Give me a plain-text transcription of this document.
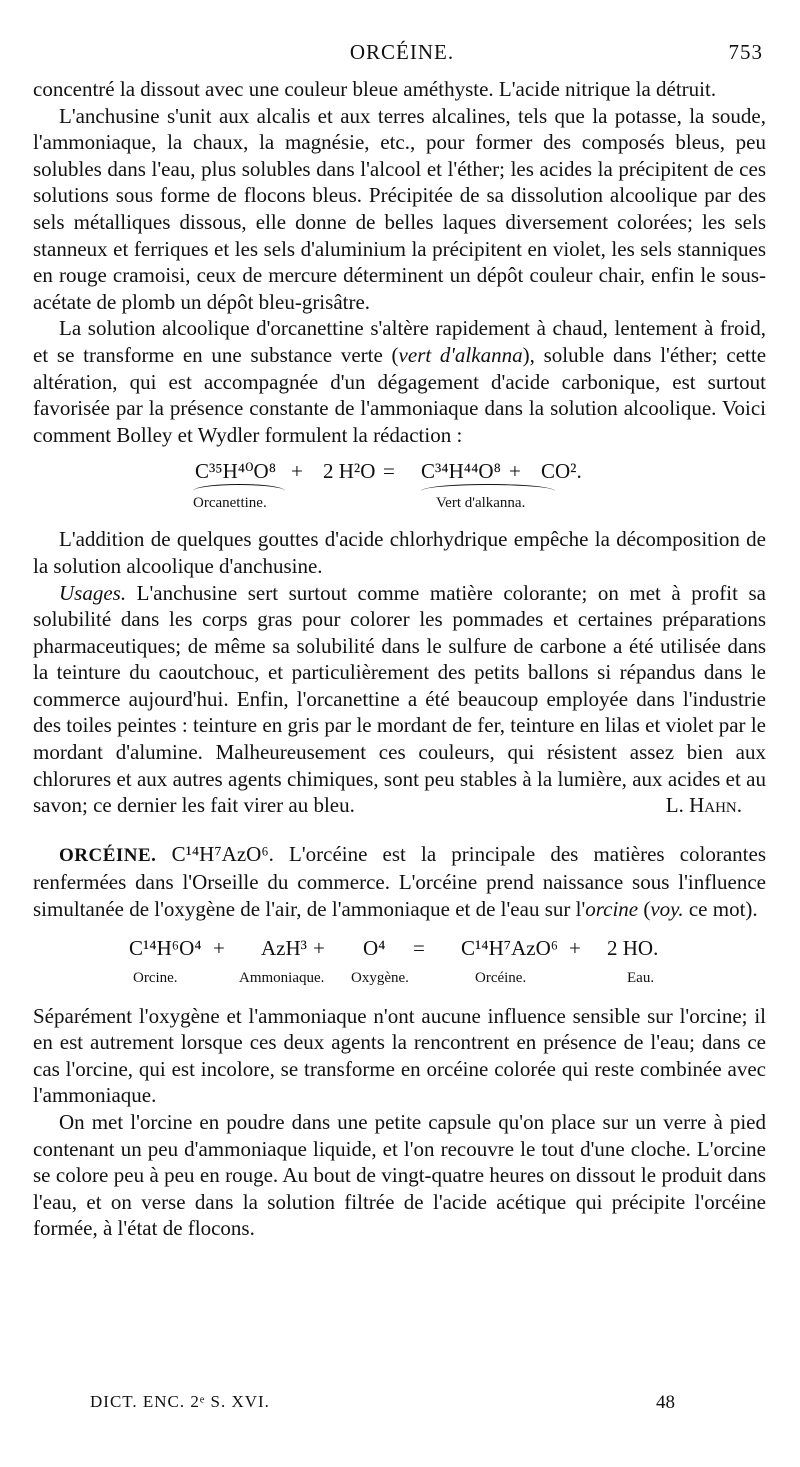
ORCÉINE.	753

concentré la dissout avec une couleur bleue améthyste. L'acide nitrique la détruit.

L'anchusine s'unit aux alcalis et aux terres alcalines, tels que la potasse, la soude, l'ammoniaque, la chaux, la magnésie, etc., pour former des composés bleus, peu solubles dans l'eau, plus solubles dans l'alcool et l'éther; les acides la précipitent de ces solutions sous forme de flocons bleus. Précipitée de sa dissolution alcoolique par des sels métalliques dissous, elle donne de belles laques diversement colorées; les sels stanneux et ferriques et les sels d'aluminium la précipitent en violet, les sels stanniques en rouge cramoisi, ceux de mercure déterminent un dépôt couleur chair, enfin le sous-acétate de plomb un dépôt bleu-grisâtre.

La solution alcoolique d'orcanettine s'altère rapidement à chaud, lentement à froid, et se transforme en une substance verte (vert d'alkanna), soluble dans l'éther; cette altération, qui est accompagnée d'un dégagement d'acide carbonique, est surtout favorisée par la présence constante de l'ammoniaque dans la solution alcoolique. Voici comment Bolley et Wydler formulent la rédaction :

C³⁵H⁴⁰O⁸ + 2 H²O = C³⁴H⁴⁴O⁸ + CO².
Orcanettine.	Vert d'alkanna.

L'addition de quelques gouttes d'acide chlorhydrique empêche la décomposition de la solution alcoolique d'anchusine.

Usages. L'anchusine sert surtout comme matière colorante; on met à profit sa solubilité dans les corps gras pour colorer les pommades et certaines préparations pharmaceutiques; de même sa solubilité dans le sulfure de carbone a été utilisée dans la teinture du caoutchouc, et particulièrement des petits ballons si répandus dans le commerce aujourd'hui. Enfin, l'orcanettine a été beaucoup employée dans l'industrie des toiles peintes : teinture en gris par le mordant de fer, teinture en lilas et violet par le mordant d'alumine. Malheureusement ces couleurs, qui résistent assez bien aux chlorures et aux autres agents chimiques, sont peu stables à la lumière, aux acides et au savon; ce dernier les fait virer au bleu.	L. Hahn.

ORCÉINE. C¹⁴H⁷AzO⁶. L'orcéine est la principale des matières colorantes renfermées dans l'Orseille du commerce. L'orcéine prend naissance sous l'influence simultanée de l'oxygène de l'air, de l'ammoniaque et de l'eau sur l'orcine (voy. ce mot).

C¹⁴H⁶O⁴ + AzH³ + O⁴ = C¹⁴H⁷AzO⁶ + 2 HO.
Orcine.	Ammoniaque. Oxygène.	Orcéine.	Eau.

Séparément l'oxygène et l'ammoniaque n'ont aucune influence sensible sur l'orcine; il en est autrement lorsque ces deux agents la rencontrent en présence de l'eau; dans ce cas l'orcine, qui est incolore, se transforme en orcéine colorée qui reste combinée avec l'ammoniaque.

On met l'orcine en poudre dans une petite capsule qu'on place sur un verre à pied contenant un peu d'ammoniaque liquide, et l'on recouvre le tout d'une cloche. L'orcine se colore peu à peu en rouge. Au bout de vingt-quatre heures on dissout le produit dans l'eau, et on verse dans la solution filtrée de l'acide acétique qui précipite l'orcéine formée, à l'état de flocons.

DICT. ENC. 2ᵉ S. XVI.	48
